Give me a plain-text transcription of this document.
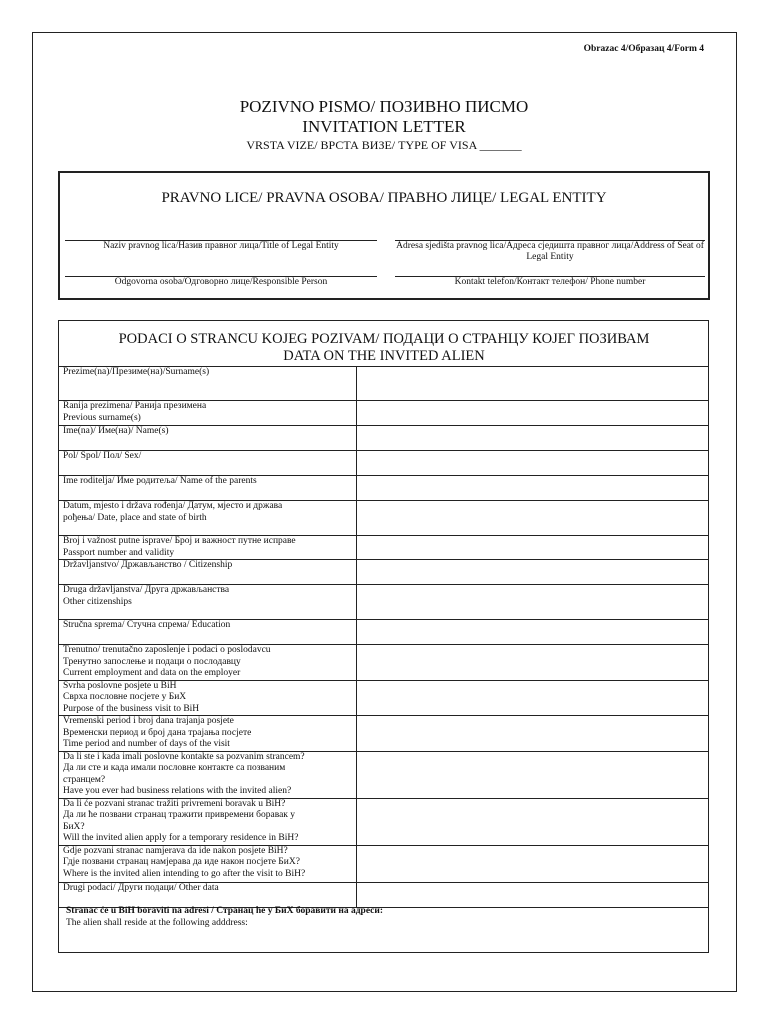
Obrazac 4/Образац 4/Form 4
POZIVNO PISMO/ ПОЗИВНО ПИСМО
INVITATION LETTER
VRSTA VIZE/ ВРСТА ВИЗЕ/ TYPE OF VISA _______
PRAVNO LICE/ PRAVNA OSOBA/ ПРАВНО ЛИЦЕ/ LEGAL ENTITY
Naziv pravnog lica/Назив правног лица/Title of Legal Entity	Adresa sjedišta pravnog lica/Адреса сједишта правног лица/Address of Seat of Legal Entity
Odgovorna osoba/Одговорно лице/Responsible Person	Kontakt telefon/Контакт телефон/ Phone number
PODACI O STRANCU KOJEG POZIVAM/ ПОДАЦИ О СТРАНЦУ КОЈЕГ ПОЗИВАМ
DATA ON THE INVITED ALIEN
Prezime(na)/Презиме(на)/Surname(s)	

Ranija prezimena/ Ранија презимена
Previous surname(s)	

Ime(na)/ Име(на)/ Name(s)	

Pol/ Spol/ Пол/ Sex/	

Ime roditelja/ Име родитеља/ Name of the parents	

Datum, mjesto i država rođenja/ Датум, мјесто и држава
рођења/ Date, place and state of birth	

Broj i važnost putne isprave/ Број и важност путне исправе
Passport number and validity	

Državljanstvo/ Држављанство / Citizenship	

Druga državljanstva/ Друга држављанства
Other citizenships	

Stručna sprema/ Стучна спрема/ Education	

Trenutno/ trenutačno zaposlenje i podaci o poslodavcu
Тренутно запослење и подаци о послодавцу
Current employment and data on the employer	

Svrha poslovne posjete u BiH
Сврха пословне посјете у БиХ
Purpose of the business visit to BiH	

Vremenski period i broj dana trajanja posjete
Временски период и број дана трајања посјете
Time period and number of days of the visit	

Da li ste i kada imali poslovne kontakte sa pozvanim strancem?
Да ли сте и када имали пословне контакте са позваним
странцем?
Have you ever had business relations with the invited alien?	

Da li će pozvani stranac tražiti privremeni boravak u BiH?
Да ли ће позвани странац тражити привремени боравак у
БиХ?
Will the invited alien apply for a temporary residence in BiH?	

Gdje pozvani stranac namjerava da ide nakon posjete BiH?
Гдје позвани странац намјерава да иде након посјете БиХ?
Where is the invited alien intending to go after the visit to BiH?	

Drugi podaci/ Други подаци/ Other data	

Stranac će u BiH boraviti na adresi / Странац ће у БиХ боравити на адреси:
The alien shall reside at the following adddress:
